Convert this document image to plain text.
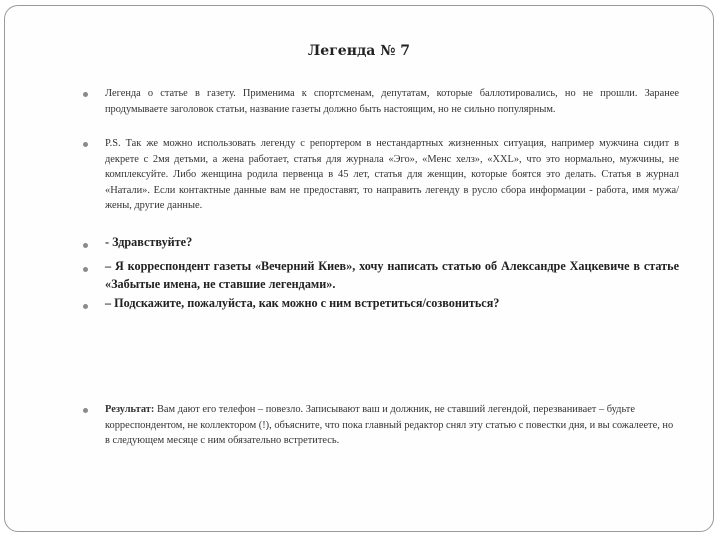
Легенда № 7
Легенда о статье в газету. Применима к спортсменам, депутатам, которые баллотировались, но не прошли. Заранее продумываете заголовок статьи, название газеты должно быть настоящим, но не сильно популярным.
P.S. Так же можно использовать легенду с репортером в нестандартных жизненных ситуация, например мужчина сидит в декрете с 2мя детьми, а жена работает, статья для журнала «Эго», «Менс хелз», «XXL», что это нормально, мужчины, не комплексуйте. Либо женщина родила первенца в 45 лет, статья для женщин, которые боятся это делать. Статья в журнал «Натали». Если контактные данные вам не предоставят, то направить легенду в русло сбора информации - работа, имя мужа/жены, другие данные.
- Здравствуйте?
– Я корреспондент газеты «Вечерний Киев», хочу написать статью об Александре Хацкевиче в статье «Забытые имена, не ставшие легендами».
– Подскажите, пожалуйста, как можно с ним встретиться/созвониться?
Результат: Вам дают его телефон – повезло. Записывают ваш и должник, не ставший легендой, перезванивает – будьте корреспондентом, не коллектором (!), объясните, что пока главный редактор снял эту статью с повестки дня, и вы сожалеете, но в следующем месяце с ним обязательно встретитесь.
